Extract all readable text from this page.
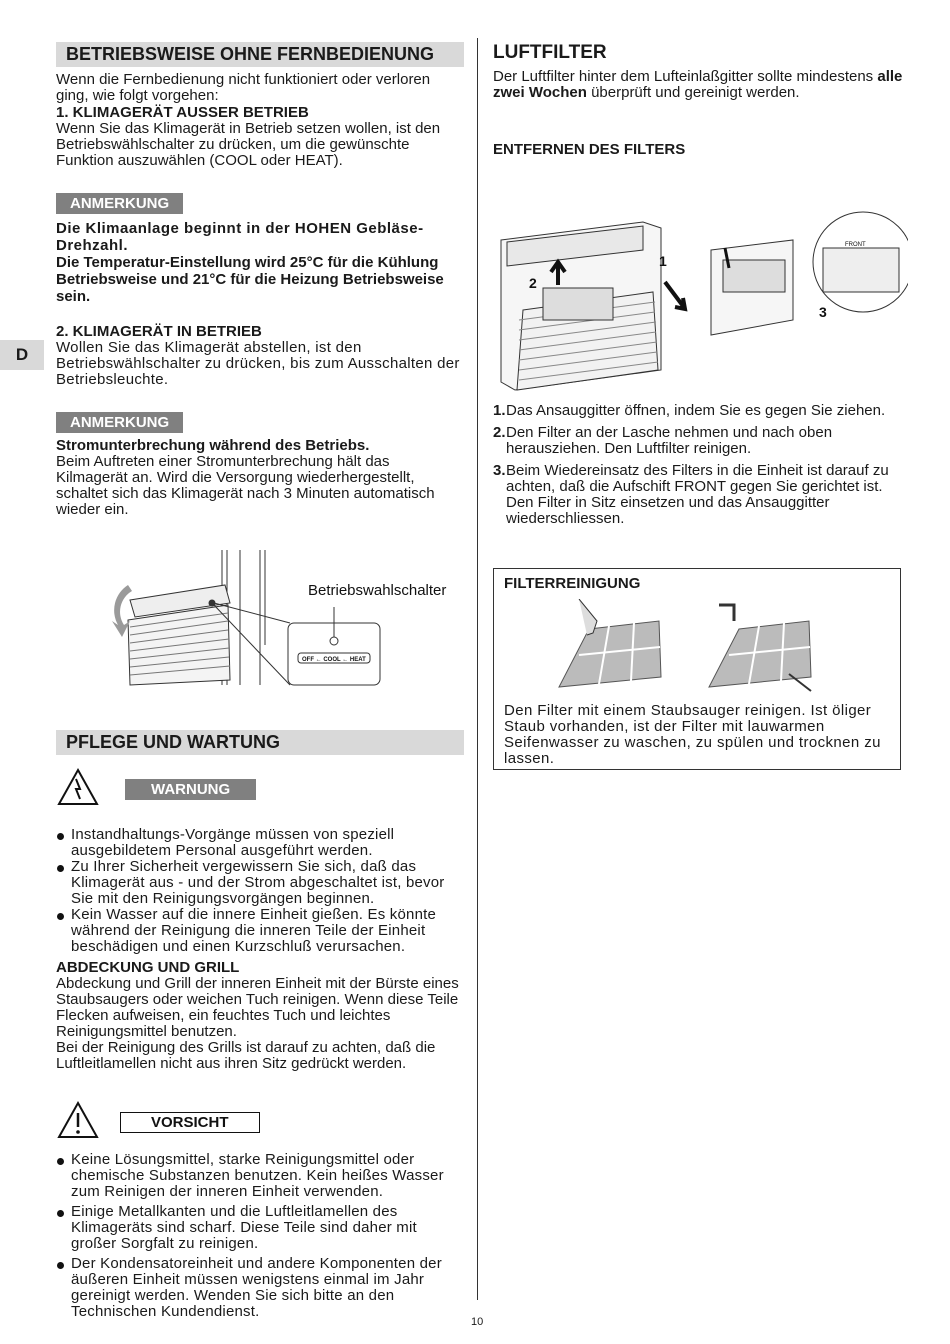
D
BETRIEBSWEISE OHNE FERNBEDIENUNG

Wenn die Fernbedienung nicht funktioniert oder verloren ging, wie folgt vorgehen:

1. KLIMAGERÄT AUSSER BETRIEB

Wenn Sie das Klimagerät in Betrieb setzen wollen, ist den Betriebswählschalter zu drücken, um die gewünschte Funktion auszuwählen (COOL oder HEAT).

ANMERKUNG

Die Klimaanlage beginnt in der HOHEN Gebläse-Drehzahl.

Die Temperatur-Einstellung wird 25°C für die Kühlung Betriebsweise und 21°C für die Heizung Betriebsweise sein.

2. KLIMAGERÄT IN BETRIEB

Wollen Sie das Klimagerät abstellen, ist den Betriebswählschalter zu drücken, bis zum Ausschalten der Betriebsleuchte.

ANMERKUNG

Stromunterbrechung während des Betriebs.

Beim Auftreten einer Stromunterbrechung hält das Kilmagerät an. Wird die Versorgung wiederhergestellt, schaltet sich das Klimagerät nach 3 Minuten automatisch wieder ein.

Betriebswahlschalter
OFF ← COOL ← HEAT
PFLEGE UND WARTUNG
WARNUNG
Instandhaltungs-Vorgänge müssen von speziell ausgebildetem Personal ausgeführt werden.
Zu Ihrer Sicherheit vergewissern Sie sich, daß das Klimagerät aus - und der Strom abgeschaltet ist, bevor Sie mit den Reinigungsvorgängen beginnen.
Kein Wasser auf die innere Einheit gießen. Es könnte während der Reinigung die inneren Teile der Einheit beschädigen und einen Kurzschluß verursachen.

ABDECKUNG UND GRILL

Abdeckung und Grill der inneren Einheit mit der Bürste eines Staubsaugers oder weichen Tuch reinigen. Wenn diese Teile Flecken aufweisen, ein feuchtes Tuch und leichtes Reinigungsmittel benutzen.

Bei der Reinigung des Grills ist darauf zu achten, daß die Luftleitlamellen nicht aus ihren Sitz gedrückt werden.

VORSICHT
Keine Lösungsmittel, starke Reinigungsmittel oder chemische Substanzen benutzen. Kein heißes Wasser zum Reinigen der inneren Einheit verwenden.
Einige Metallkanten und die Luftleitlamellen des Klimageräts sind scharf. Diese Teile sind daher mit großer Sorgfalt zu reinigen.
Der Kondensatoreinheit und andere Komponenten der äußeren Einheit müssen wenigstens einmal im Jahr gereinigt werden. Wenden Sie sich bitte an den Technischen Kundendienst.
LUFTFILTER

Der Luftfilter hinter dem Lufteinlaßgitter sollte mindestens alle zwei Wochen überprüft und gereinigt werden.

ENTFERNEN DES FILTERS

2
1
3
FRONT
1. Das Ansauggitter öffnen, indem Sie es gegen Sie ziehen.
2. Den Filter an der Lasche nehmen und nach oben herausziehen. Den Luftfilter reinigen.
3. Beim Wiedereinsatz des Filters in die Einheit ist darauf zu achten, daß die Aufschift FRONT gegen Sie gerichtet ist. Den Filter in Sitz einsetzen und das Ansauggitter wiederschliessen.

FILTERREINIGUNG

Den Filter mit einem Staubsauger reinigen. Ist öliger Staub vorhanden, ist der Filter mit lauwarmen Seifenwasser zu waschen, zu spülen und trocknen zu lassen.

10
